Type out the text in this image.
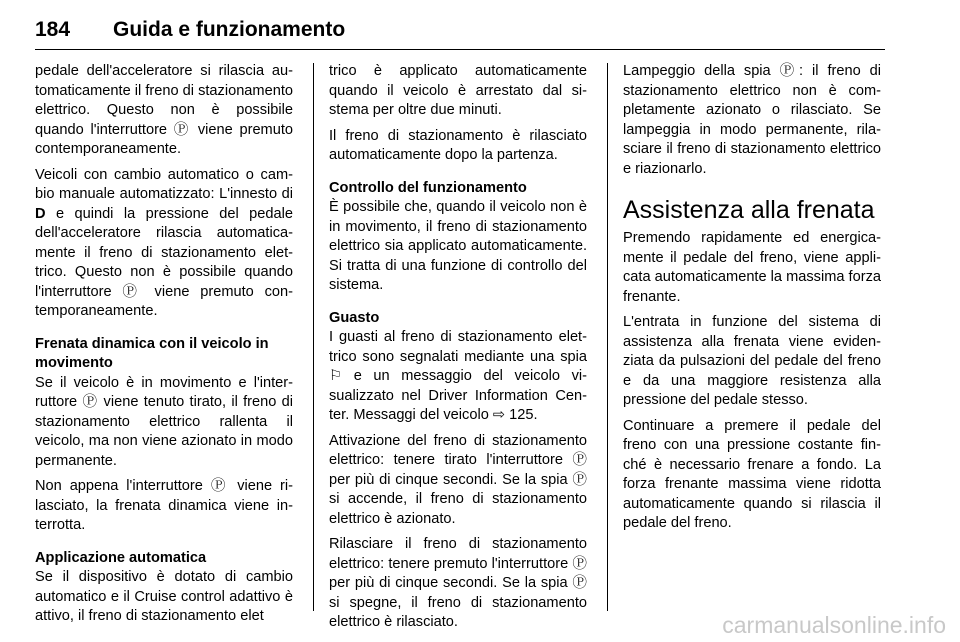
184 Guida e funzionamento

pedale dell'acceleratore si rilascia automaticamente il freno di stazionamento elettrico. Questo non è possibile quando l'interruttore Ⓟ viene premuto contemporaneamente.

Veicoli con cambio automatico o cambio manuale automatizzato: L'innesto di D e quindi la pressione del pedale dell'acceleratore rilascia automaticamente il freno di stazionamento elettrico. Questo non è possibile quando l'interruttore Ⓟ viene premuto contemporaneamente.

Frenata dinamica con il veicolo in movimento

Se il veicolo è in movimento e l'interruttore Ⓟ viene tenuto tirato, il freno di stazionamento elettrico rallenta il veicolo, ma non viene azionato in modo permanente.

Non appena l'interruttore Ⓟ viene rilasciato, la frenata dinamica viene interrotta.

Applicazione automatica

Se il dispositivo è dotato di cambio automatico e il Cruise control adattivo è attivo, il freno di stazionamento elet

trico è applicato automaticamente quando il veicolo è arrestato dal sistema per oltre due minuti.

Il freno di stazionamento è rilasciato automaticamente dopo la partenza.

Controllo del funzionamento

È possibile che, quando il veicolo non è in movimento, il freno di stazionamento elettrico sia applicato automaticamente. Si tratta di una funzione di controllo del sistema.

Guasto

I guasti al freno di stazionamento elettrico sono segnalati mediante una spia ⚐ e un messaggio del veicolo visualizzato nel Driver Information Center. Messaggi del veicolo ⇨ 125.

Attivazione del freno di stazionamento elettrico: tenere tirato l'interruttore Ⓟ per più di cinque secondi. Se la spia Ⓟ si accende, il freno di stazionamento elettrico è azionato.

Rilasciare il freno di stazionamento elettrico: tenere premuto l'interruttore Ⓟ per più di cinque secondi. Se la spia Ⓟ si spegne, il freno di stazionamento elettrico è rilasciato.

Lampeggio della spia Ⓟ: il freno di stazionamento elettrico non è completamente azionato o rilasciato. Se lampeggia in modo permanente, rilasciare il freno di stazionamento elettrico e riazionarlo.

Assistenza alla frenata

Premendo rapidamente ed energicamente il pedale del freno, viene applicata automaticamente la massima forza frenante.

L'entrata in funzione del sistema di assistenza alla frenata viene evidenziata da pulsazioni del pedale del freno e da una maggiore resistenza alla pressione del pedale stesso.

Continuare a premere il pedale del freno con una pressione costante finché è necessario frenare a fondo. La forza frenante massima viene ridotta automaticamente quando si rilascia il pedale del freno.

carmanualsonline.info
